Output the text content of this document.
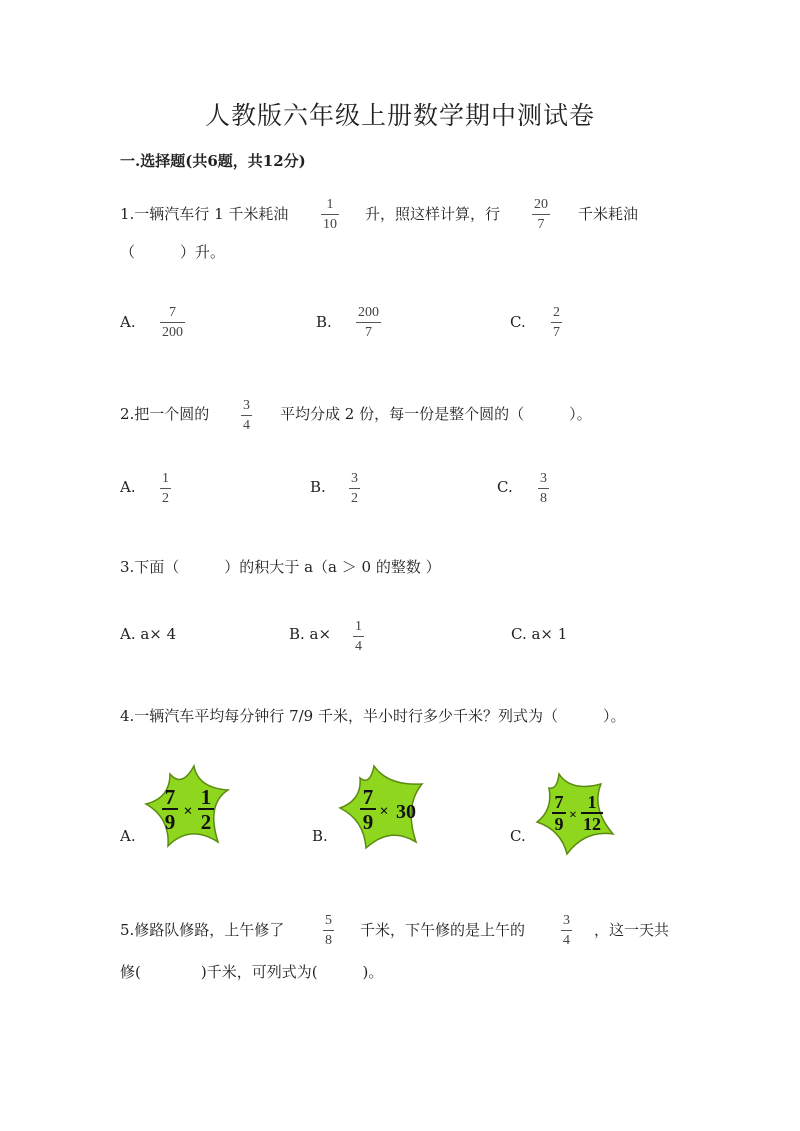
人教版六年级上册数学期中测试卷
一.选择题(共6题，共12分)
1.一辆汽车行 1 千米耗油
1
10
升，照这样计算，行
20
7
千米耗油
（　　　）升。
A.
7
200
B.
200
7
C.
2
7
2.把一个圆的 3
4
平均分成 2 份，每一份是整个圆的（　　　）。
A. 1
2
B. 3
2
C. 3
8
3.下面（　　　）的积大于 a（a ＞ 0 的整数 ）
A. a× 4	B. a× 1
4
C. a× 1
4.一辆汽车平均每分钟行 7/9 千米，半小时行多少千米？列式为（　　　）。
A.
7
9 ×
1
2
B.
7
9 × 30
C.
7
9 ×
1
12
5.修路队修路，上午修了
5
8
千米，下午修的是上午的
3
4
，这一天共
修(　　　　)千米，可列式为(　　　)。
